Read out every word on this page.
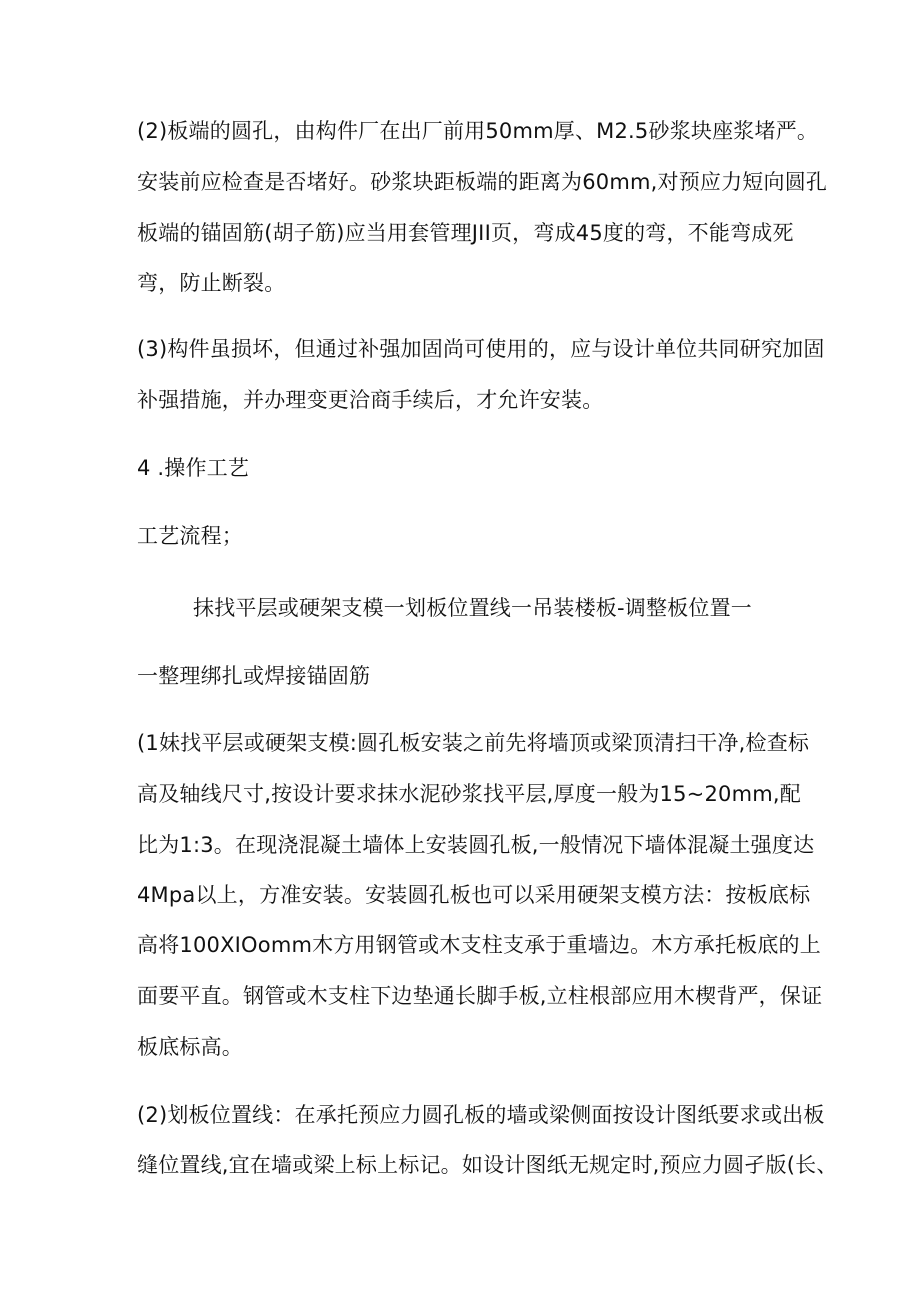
(2)板端的圆孔，由构件厂在出厂前用50mm厚、M2.5砂浆块座浆堵严。
安装前应检查是否堵好。砂浆块距板端的距离为60mm,对预应力短向圆孔
板端的锚固筋(胡子筋)应当用套管理JII页，弯成45度的弯，不能弯成死
弯，防止断裂。
(3)构件虽损坏，但通过补强加固尚可使用的，应与设计单位共同研究加固
补强措施，并办理变更洽商手续后，才允许安装。
4 .操作工艺
工艺流程；
抹找平层或硬架支模一划板位置线一吊装楼板-调整板位置一
一整理绑扎或焊接锚固筋
(1妹找平层或硬架支模:圆孔板安装之前先将墙顶或梁顶清扫干净,检查标
高及轴线尺寸,按设计要求抹水泥砂浆找平层,厚度一般为15~20mm,配
比为1:3。在现浇混凝土墙体上安装圆孔板,一般情况下墙体混凝土强度达
4Mpa以上，方准安装。安装圆孔板也可以采用硬架支模方法：按板底标
高将100XIOomm木方用钢管或木支柱支承于重墙边。木方承托板底的上
面要平直。钢管或木支柱下边垫通长脚手板,立柱根部应用木楔背严，保证
板底标高。
(2)划板位置线：在承托预应力圆孔板的墙或梁侧面按设计图纸要求或出板
缝位置线,宜在墙或梁上标上标记。如设计图纸无规定时,预应力圆孑版(长、
